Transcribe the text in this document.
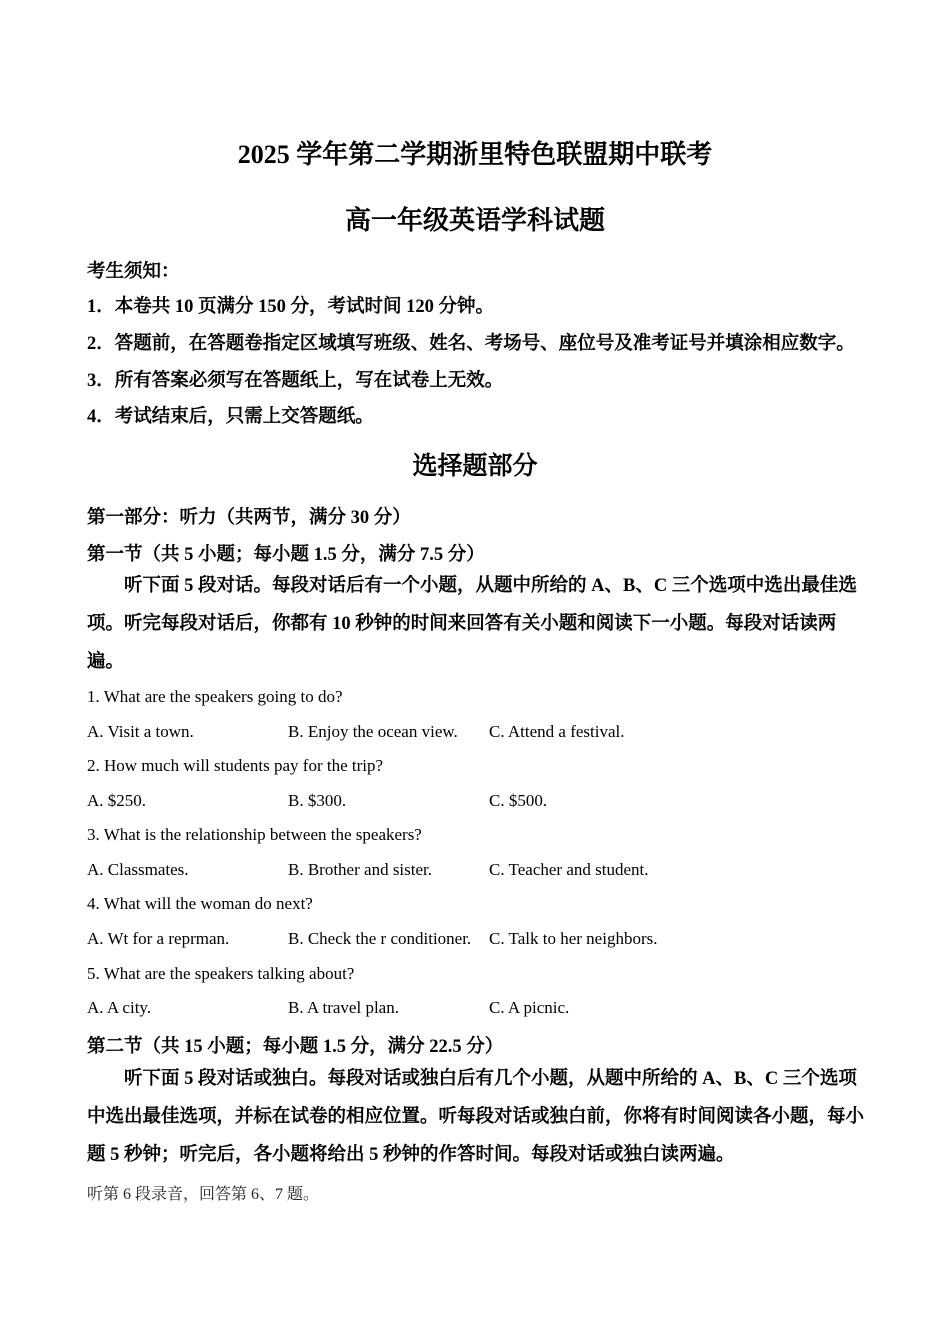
2025 学年第二学期浙里特色联盟期中联考
高一年级英语学科试题
考生须知：
1．本卷共 10 页满分 150 分，考试时间 120 分钟。
2．答题前，在答题卷指定区域填写班级、姓名、考场号、座位号及准考证号并填涂相应数字。
3．所有答案必须写在答题纸上，写在试卷上无效。
4．考试结束后，只需上交答题纸。
选择题部分
第一部分：听力（共两节，满分 30 分）
第一节（共 5 小题；每小题 1.5 分，满分 7.5 分）
听下面 5 段对话。每段对话后有一个小题，从题中所给的 A、B、C 三个选项中选出最佳选项。听完每段对话后，你都有 10 秒钟的时间来回答有关小题和阅读下一小题。每段对话读两遍。
1. What are the speakers going to do?
A. Visit a town.	B. Enjoy the ocean view. C. Attend a festival.
2. How much will students pay for the trip?
A. $250.	B. $300.	C. $500.
3. What is the relationship between the speakers?
A. Classmates.	B. Brother and sister.	C. Teacher and student.
4. What will the woman do next?
A. Wt for a reprman.	B. Check the r conditioner. C. Talk to her neighbors.
5. What are the speakers talking about?
A. A city.	B. A travel plan.	C. A picnic.
第二节（共 15 小题；每小题 1.5 分，满分 22.5 分）
听下面 5 段对话或独白。每段对话或独白后有几个小题，从题中所给的 A、B、C 三个选项中选出最佳选项，并标在试卷的相应位置。听每段对话或独白前，你将有时间阅读各小题，每小题 5 秒钟；听完后，各小题将给出 5 秒钟的作答时间。每段对话或独白读两遍。
听第 6 段录音，回答第 6、7 题。
